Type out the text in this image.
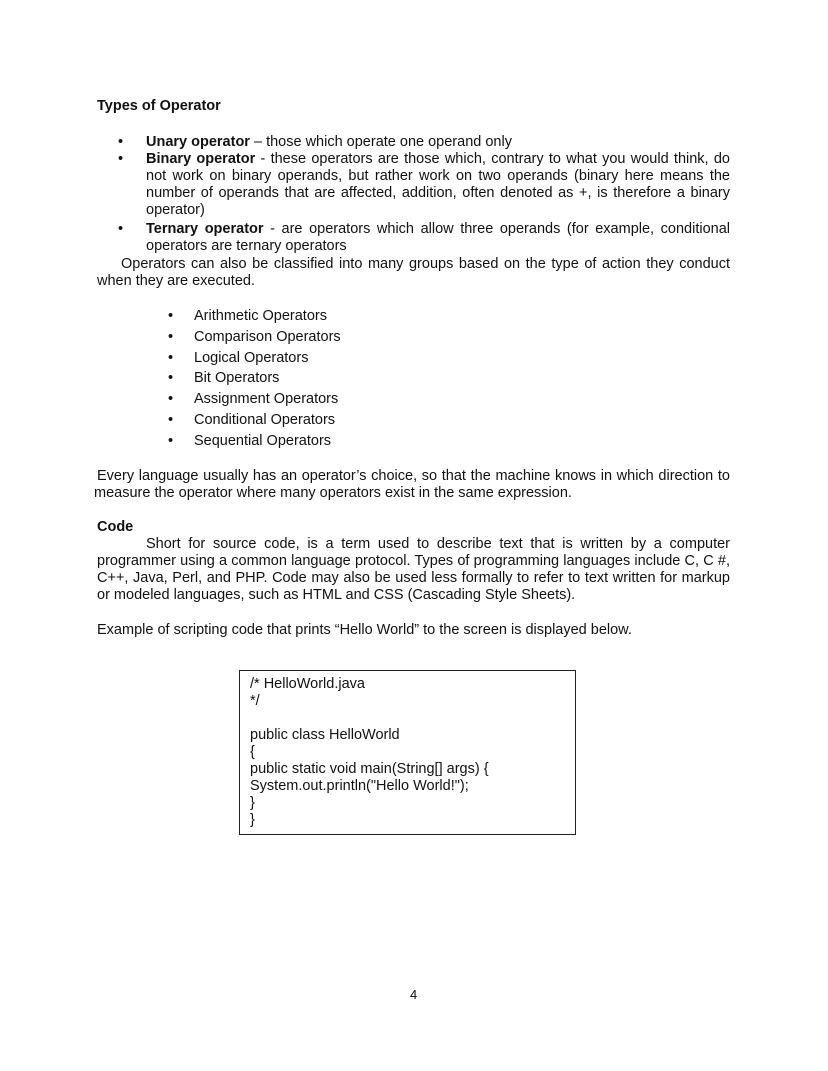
Types of Operator
• Unary operator – those which operate one operand only
• Binary operator - these operators are those which, contrary to what you would think, do not work on binary operands, but rather work on two operands (binary here means the number of operands that are affected, addition, often denoted as +, is therefore a binary operator)
• Ternary operator - are operators which allow three operands (for example, conditional operators are ternary operators
Operators can also be classified into many groups based on the type of action they conduct when they are executed.
• Arithmetic Operators
• Comparison Operators
• Logical Operators
• Bit Operators
• Assignment Operators
• Conditional Operators
• Sequential Operators
Every language usually has an operator’s choice, so that the machine knows in which direction to measure the operator where many operators exist in the same expression.
Code
Short for source code, is a term used to describe text that is written by a computer programmer using a common language protocol. Types of programming languages include C, C #, C++, Java, Perl, and PHP. Code may also be used less formally to refer to text written for markup or modeled languages, such as HTML and CSS (Cascading Style Sheets).
Example of scripting code that prints “Hello World” to the screen is displayed below.
/* HelloWorld.java
*/
public class HelloWorld
{
public static void main(String[] args) {
System.out.println("Hello World!");
}
}
4
